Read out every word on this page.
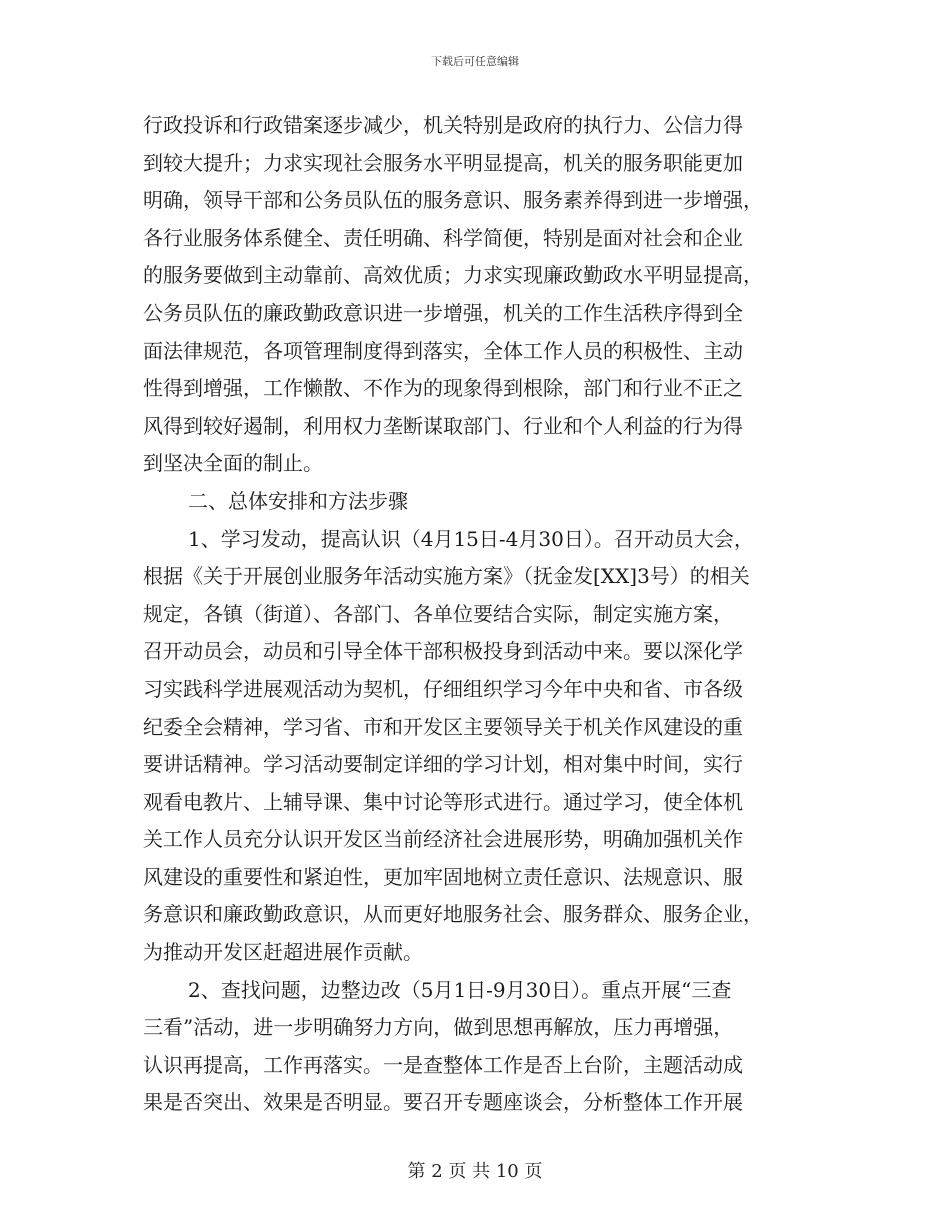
下载后可任意编辑
行政投诉和行政错案逐步减少，机关特别是政府的执行力、公信力得
到较大提升；力求实现社会服务水平明显提高，机关的服务职能更加
明确，领导干部和公务员队伍的服务意识、服务素养得到进一步增强，
各行业服务体系健全、责任明确、科学简便，特别是面对社会和企业
的服务要做到主动靠前、高效优质；力求实现廉政勤政水平明显提高，
公务员队伍的廉政勤政意识进一步增强，机关的工作生活秩序得到全
面法律规范，各项管理制度得到落实，全体工作人员的积极性、主动
性得到增强，工作懒散、不作为的现象得到根除，部门和行业不正之
风得到较好遏制，利用权力垄断谋取部门、行业和个人利益的行为得
到坚决全面的制止。
二、总体安排和方法步骤
1、学习发动，提高认识（4月15日-4月30日）。召开动员大会，
根据《关于开展创业服务年活动实施方案》（抚金发[XX]3号）的相关
规定，各镇（街道）、各部门、各单位要结合实际，制定实施方案，
召开动员会，动员和引导全体干部积极投身到活动中来。要以深化学
习实践科学进展观活动为契机，仔细组织学习今年中央和省、市各级
纪委全会精神，学习省、市和开发区主要领导关于机关作风建设的重
要讲话精神。学习活动要制定详细的学习计划，相对集中时间，实行
观看电教片、上辅导课、集中讨论等形式进行。通过学习，使全体机
关工作人员充分认识开发区当前经济社会进展形势，明确加强机关作
风建设的重要性和紧迫性，更加牢固地树立责任意识、法规意识、服
务意识和廉政勤政意识，从而更好地服务社会、服务群众、服务企业，
为推动开发区赶超进展作贡献。
2、查找问题，边整边改（5月1日-9月30日）。重点开展“三查
三看”活动，进一步明确努力方向，做到思想再解放，压力再增强，
认识再提高，工作再落实。一是查整体工作是否上台阶，主题活动成
果是否突出、效果是否明显。要召开专题座谈会，分析整体工作开展
第 2 页 共 10 页
